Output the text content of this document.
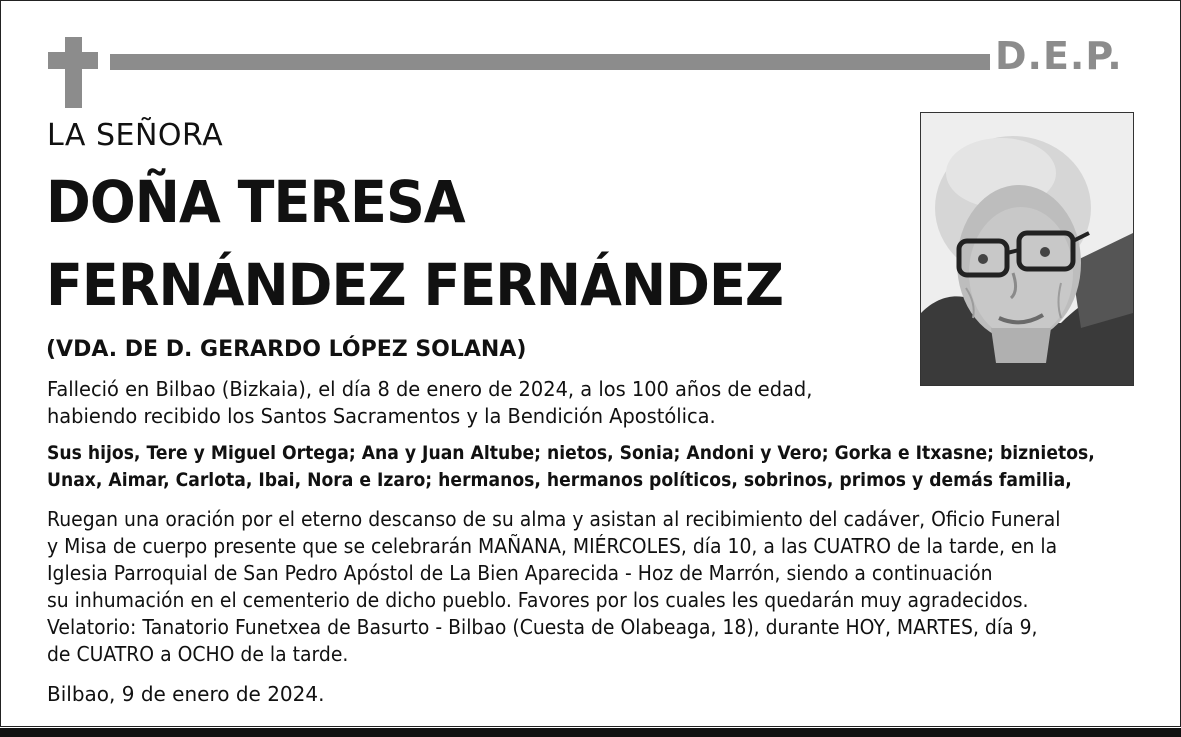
D.E.P.
LA SEÑORA
DOÑA TERESA
FERNÁNDEZ FERNÁNDEZ
(VDA. DE D. GERARDO LÓPEZ SOLANA)
Falleció en Bilbao (Bizkaia), el día 8 de enero de 2024, a los 100 años de edad,
habiendo recibido los Santos Sacramentos y la Bendición Apostólica.
Sus hijos, Tere y Miguel Ortega; Ana y Juan Altube; nietos, Sonia; Andoni y Vero; Gorka e Itxasne; biznietos,
Unax, Aimar, Carlota, Ibai, Nora e Izaro; hermanos, hermanos políticos, sobrinos, primos y demás familia,
Ruegan una oración por el eterno descanso de su alma y asistan al recibimiento del cadáver, Oficio Funeral
y Misa de cuerpo presente que se celebrarán MAÑANA, MIÉRCOLES, día 10, a las CUATRO de la tarde, en la
Iglesia Parroquial de San Pedro Apóstol de La Bien Aparecida - Hoz de Marrón, siendo a continuación
su inhumación en el cementerio de dicho pueblo. Favores por los cuales les quedarán muy agradecidos.
Velatorio: Tanatorio Funetxea de Basurto - Bilbao (Cuesta de Olabeaga, 18), durante HOY, MARTES, día 9,
de CUATRO a OCHO de la tarde.
Bilbao, 9 de enero de 2024.
